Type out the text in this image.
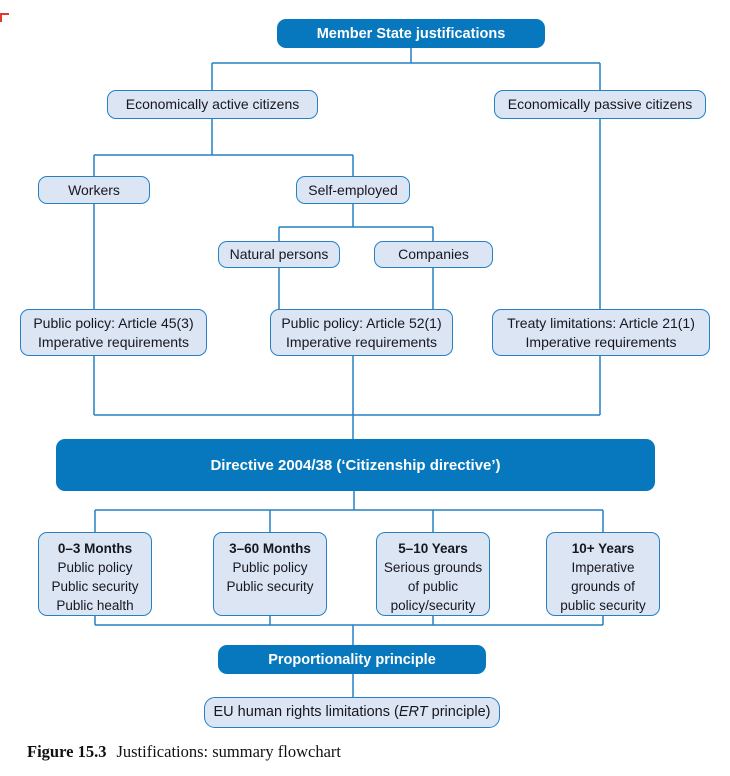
Member State justifications
Economically active citizens	Economically passive citizens
Workers	Self-employed
Natural persons	Companies
Public policy: Article 45(3)
Imperative requirements
Public policy: Article 52(1)
Imperative requirements
Treaty limitations: Article 21(1)
Imperative requirements
Directive 2004/38 (‘Citizenship directive’)
0–3 Months
Public policy
Public security
Public health
3–60 Months
Public policy
Public security
5–10 Years
Serious grounds
of public
policy/security
10+ Years
Imperative
grounds of
public security
Proportionality principle
EU human rights limitations (ERT principle)
Figure 15.3 Justifications: summary flowchart
